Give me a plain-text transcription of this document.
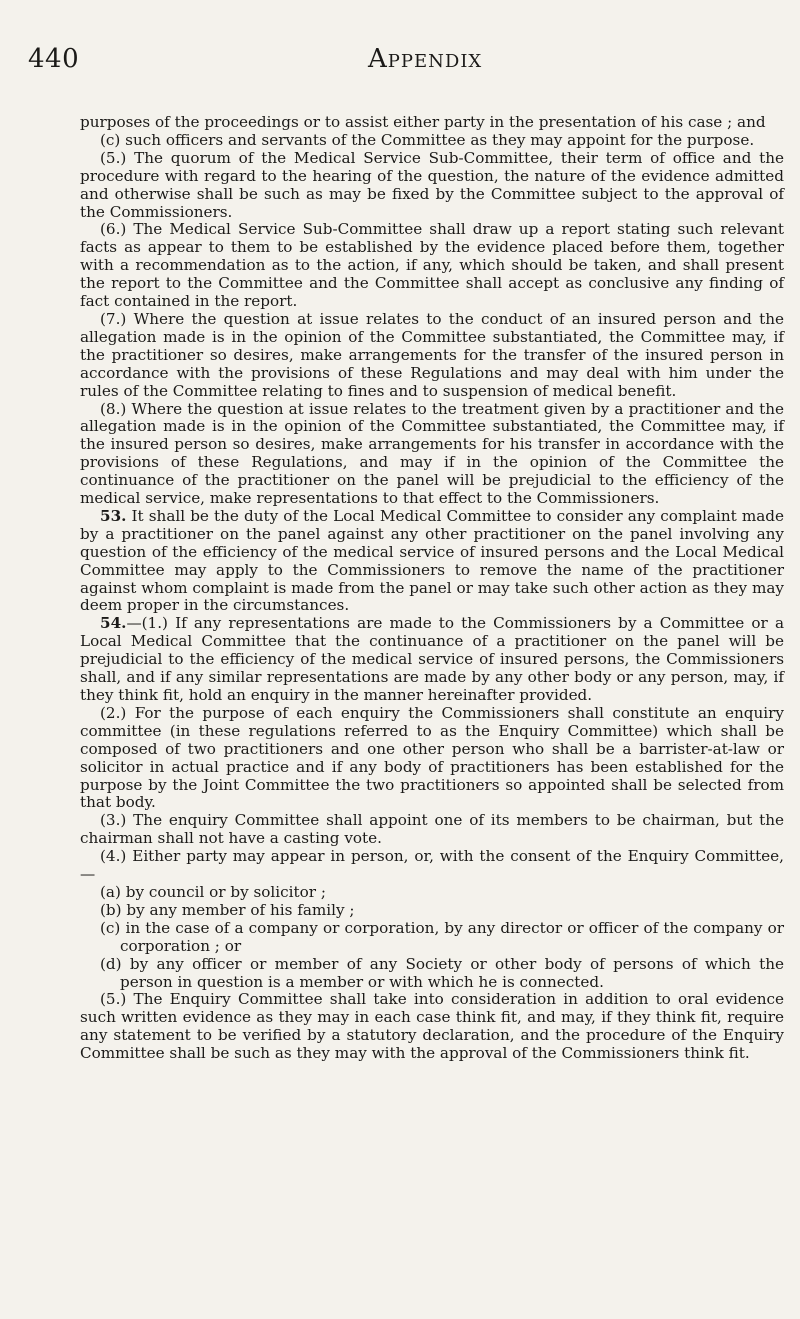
440	Appendix

purposes of the proceedings or to assist either party in the presentation of his case ; and

(c) such officers and servants of the Committee as they may appoint for the purpose.

(5.) The quorum of the Medical Service Sub-Committee, their term of office and the procedure with regard to the hearing of the question, the nature of the evidence admitted and otherwise shall be such as may be fixed by the Committee subject to the approval of the Commissioners.

(6.) The Medical Service Sub-Committee shall draw up a report stating such relevant facts as appear to them to be established by the evidence placed before them, together with a recommendation as to the action, if any, which should be taken, and shall present the report to the Committee and the Committee shall accept as conclusive any finding of fact contained in the report.

(7.) Where the question at issue relates to the conduct of an insured person and the allegation made is in the opinion of the Committee substantiated, the Committee may, if the practitioner so desires, make arrangements for the transfer of the insured person in accordance with the provisions of these Regulations and may deal with him under the rules of the Committee relating to fines and to suspension of medical benefit.

(8.) Where the question at issue relates to the treatment given by a practitioner and the allegation made is in the opinion of the Committee substantiated, the Committee may, if the insured person so desires, make arrangements for his transfer in accordance with the provisions of these Regulations, and may if in the opinion of the Committee the continuance of the practitioner on the panel will be prejudicial to the efficiency of the medical service, make representations to that effect to the Commissioners.

53. It shall be the duty of the Local Medical Committee to consider any complaint made by a practitioner on the panel against any other practitioner on the panel involving any question of the efficiency of the medical service of insured persons and the Local Medical Committee may apply to the Commissioners to remove the name of the practitioner against whom complaint is made from the panel or may take such other action as they may deem proper in the circumstances.

54.—(1.) If any representations are made to the Commissioners by a Committee or a Local Medical Committee that the continuance of a practitioner on the panel will be prejudicial to the efficiency of the medical service of insured persons, the Commissioners shall, and if any similar representations are made by any other body or any person, may, if they think fit, hold an enquiry in the manner hereinafter provided.

(2.) For the purpose of each enquiry the Commissioners shall constitute an enquiry committee (in these regulations referred to as the Enquiry Committee) which shall be composed of two practitioners and one other person who shall be a barrister-at-law or solicitor in actual practice and if any body of practitioners has been established for the purpose by the Joint Committee the two practitioners so appointed shall be selected from that body.

(3.) The enquiry Committee shall appoint one of its members to be chairman, but the chairman shall not have a casting vote.

(4.) Either party may appear in person, or, with the consent of the Enquiry Committee,—

(a) by council or by solicitor ;

(b) by any member of his family ;

(c) in the case of a company or corporation, by any director or officer of the company or corporation ; or

(d) by any officer or member of any Society or other body of persons of which the person in question is a member or with which he is connected.

(5.) The Enquiry Committee shall take into consideration in addition to oral evidence such written evidence as they may in each case think fit, and may, if they think fit, require any statement to be verified by a statutory declaration, and the procedure of the Enquiry Committee shall be such as they may with the approval of the Commissioners think fit.
